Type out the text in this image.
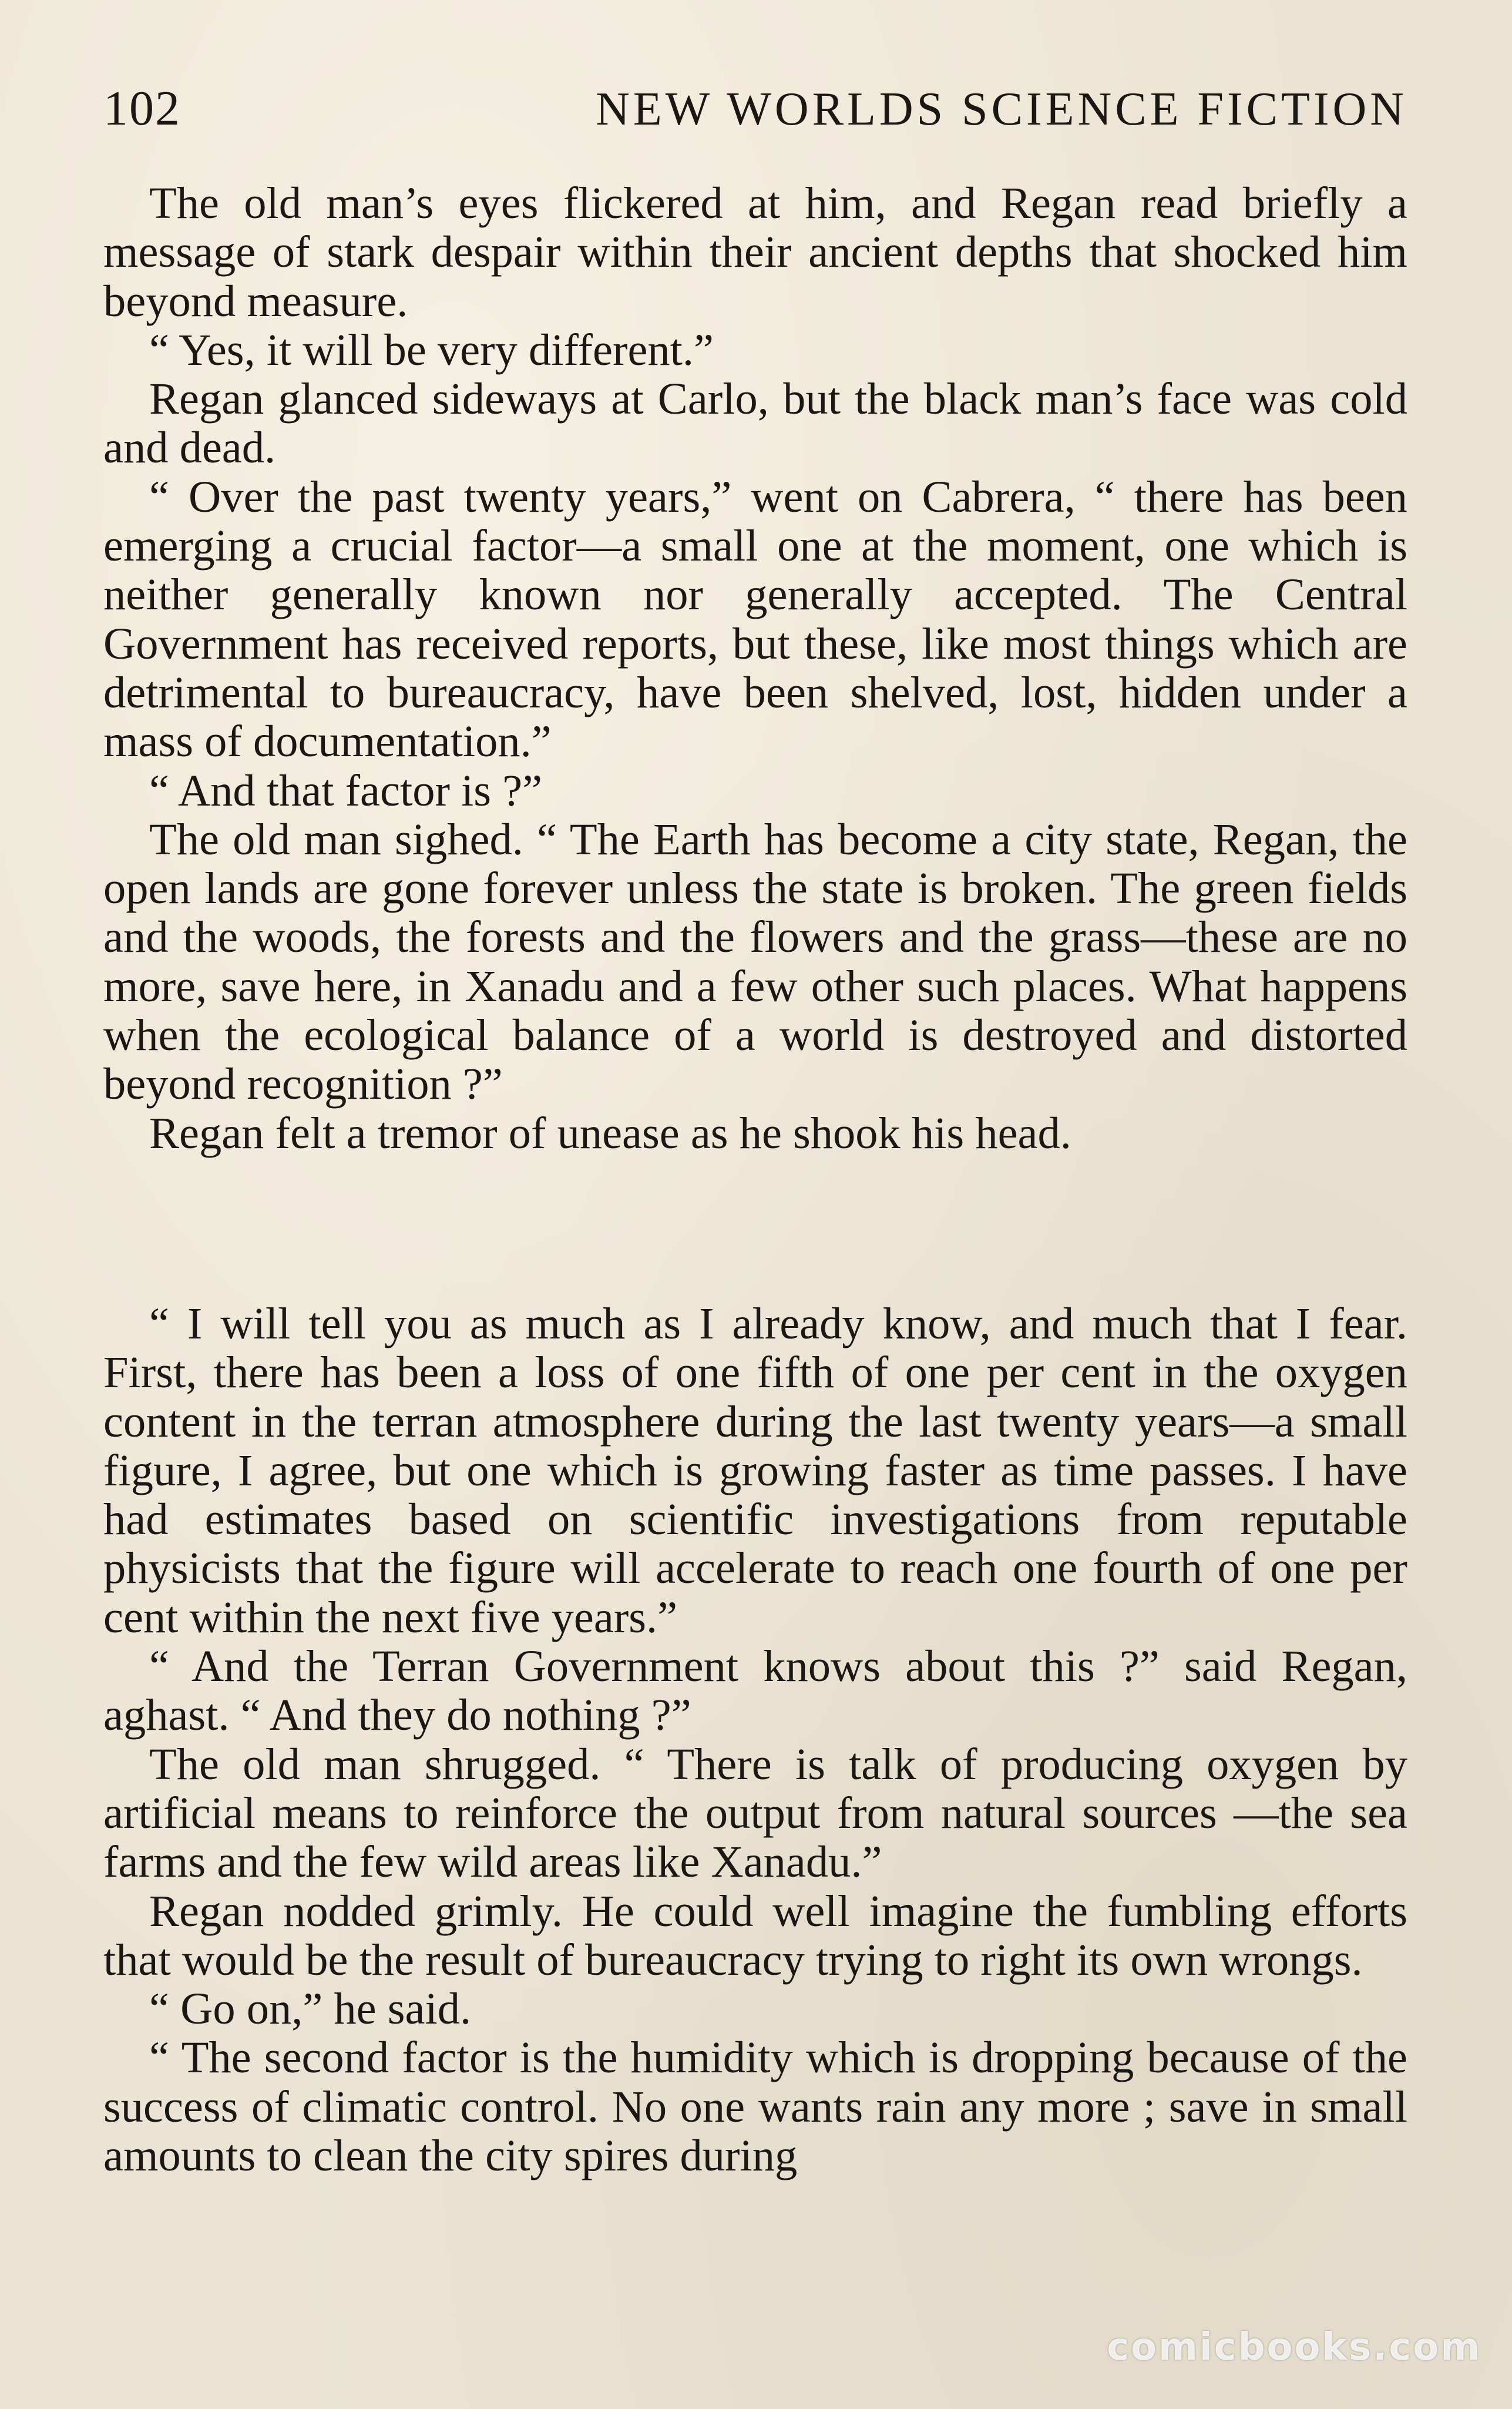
102	NEW WORLDS SCIENCE FICTION

The old man’s eyes flickered at him, and Regan read briefly a message of stark despair within their ancient depths that shocked him beyond measure.

“ Yes, it will be very different.”

Regan glanced sideways at Carlo, but the black man’s face was cold and dead.

“ Over the past twenty years,” went on Cabrera, “ there has been emerging a crucial factor—a small one at the moment, one which is neither generally known nor generally accepted. The Central Government has received reports, but these, like most things which are detrimental to bureaucracy, have been shelved, lost, hidden under a mass of documentation.”

“ And that factor is ?”

The old man sighed. “ The Earth has become a city state, Regan, the open lands are gone forever unless the state is broken. The green fields and the woods, the forests and the flowers and the grass—these are no more, save here, in Xanadu and a few other such places. What happens when the ecological balance of a world is destroyed and distorted beyond recognition ?”

Regan felt a tremor of unease as he shook his head.

“ I will tell you as much as I already know, and much that I fear. First, there has been a loss of one fifth of one per cent in the oxygen content in the terran atmosphere during the last twenty years—a small figure, I agree, but one which is growing faster as time passes. I have had estimates based on scientific investigations from reputable physicists that the figure will accelerate to reach one fourth of one per cent within the next five years.”

“ And the Terran Government knows about this ?” said Regan, aghast. “ And they do nothing ?”

The old man shrugged. “ There is talk of producing oxygen by artificial means to reinforce the output from natural sources —the sea farms and the few wild areas like Xanadu.”

Regan nodded grimly. He could well imagine the fumbling efforts that would be the result of bureaucracy trying to right its own wrongs.

“ Go on,” he said.

“ The second factor is the humidity which is dropping because of the success of climatic control. No one wants rain any more ; save in small amounts to clean the city spires during

comicbooks.com
